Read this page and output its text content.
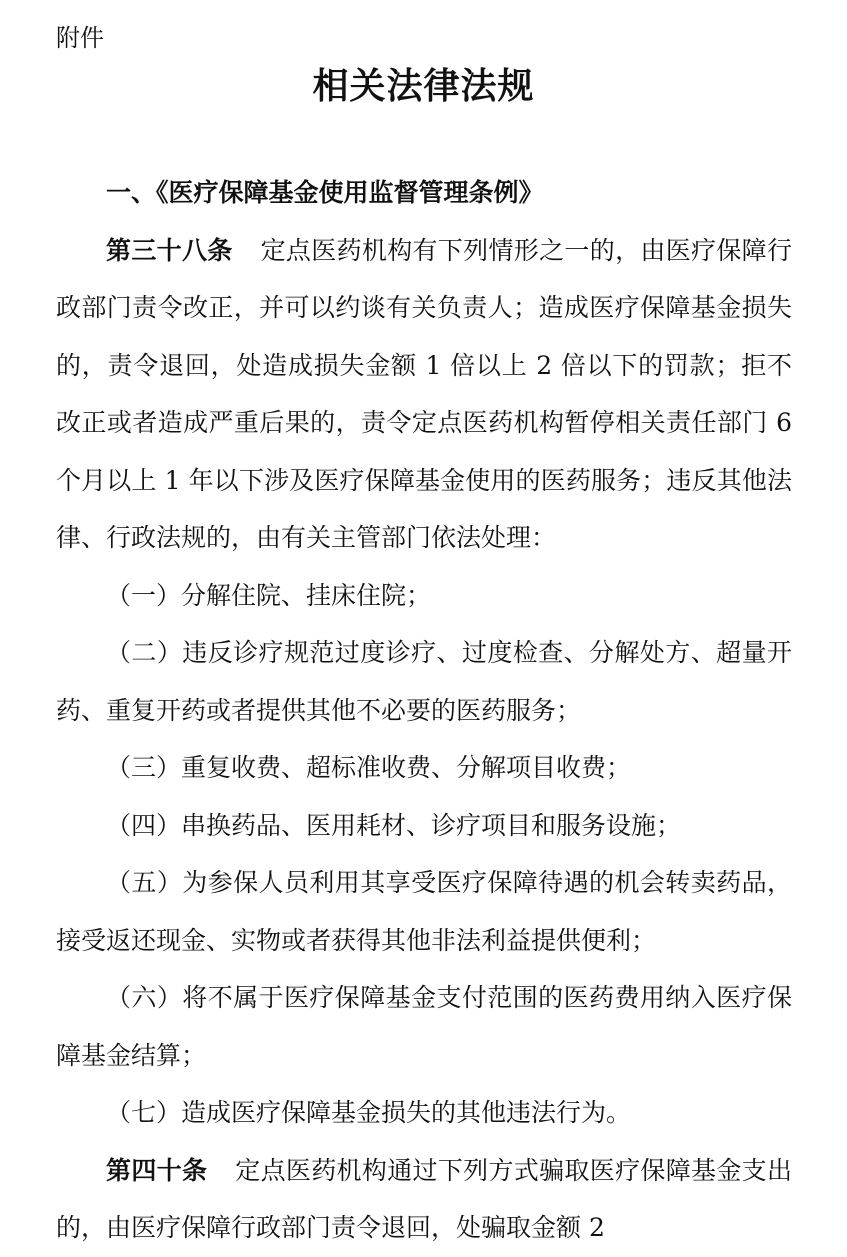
附件
相关法律法规

一、《医疗保障基金使用监督管理条例》

第三十八条 定点医药机构有下列情形之一的，由医疗保障行政部门责令改正，并可以约谈有关负责人；造成医疗保障基金损失的，责令退回，处造成损失金额 1 倍以上 2 倍以下的罚款；拒不改正或者造成严重后果的，责令定点医药机构暂停相关责任部门 6 个月以上 1 年以下涉及医疗保障基金使用的医药服务；违反其他法律、行政法规的，由有关主管部门依法处理：

（一）分解住院、挂床住院；

（二）违反诊疗规范过度诊疗、过度检查、分解处方、超量开药、重复开药或者提供其他不必要的医药服务；

（三）重复收费、超标准收费、分解项目收费；

（四）串换药品、医用耗材、诊疗项目和服务设施；

（五）为参保人员利用其享受医疗保障待遇的机会转卖药品，接受返还现金、实物或者获得其他非法利益提供便利；

（六）将不属于医疗保障基金支付范围的医药费用纳入医疗保障基金结算；

（七）造成医疗保障基金损失的其他违法行为。

第四十条 定点医药机构通过下列方式骗取医疗保障基金支出的，由医疗保障行政部门责令退回，处骗取金额 2
